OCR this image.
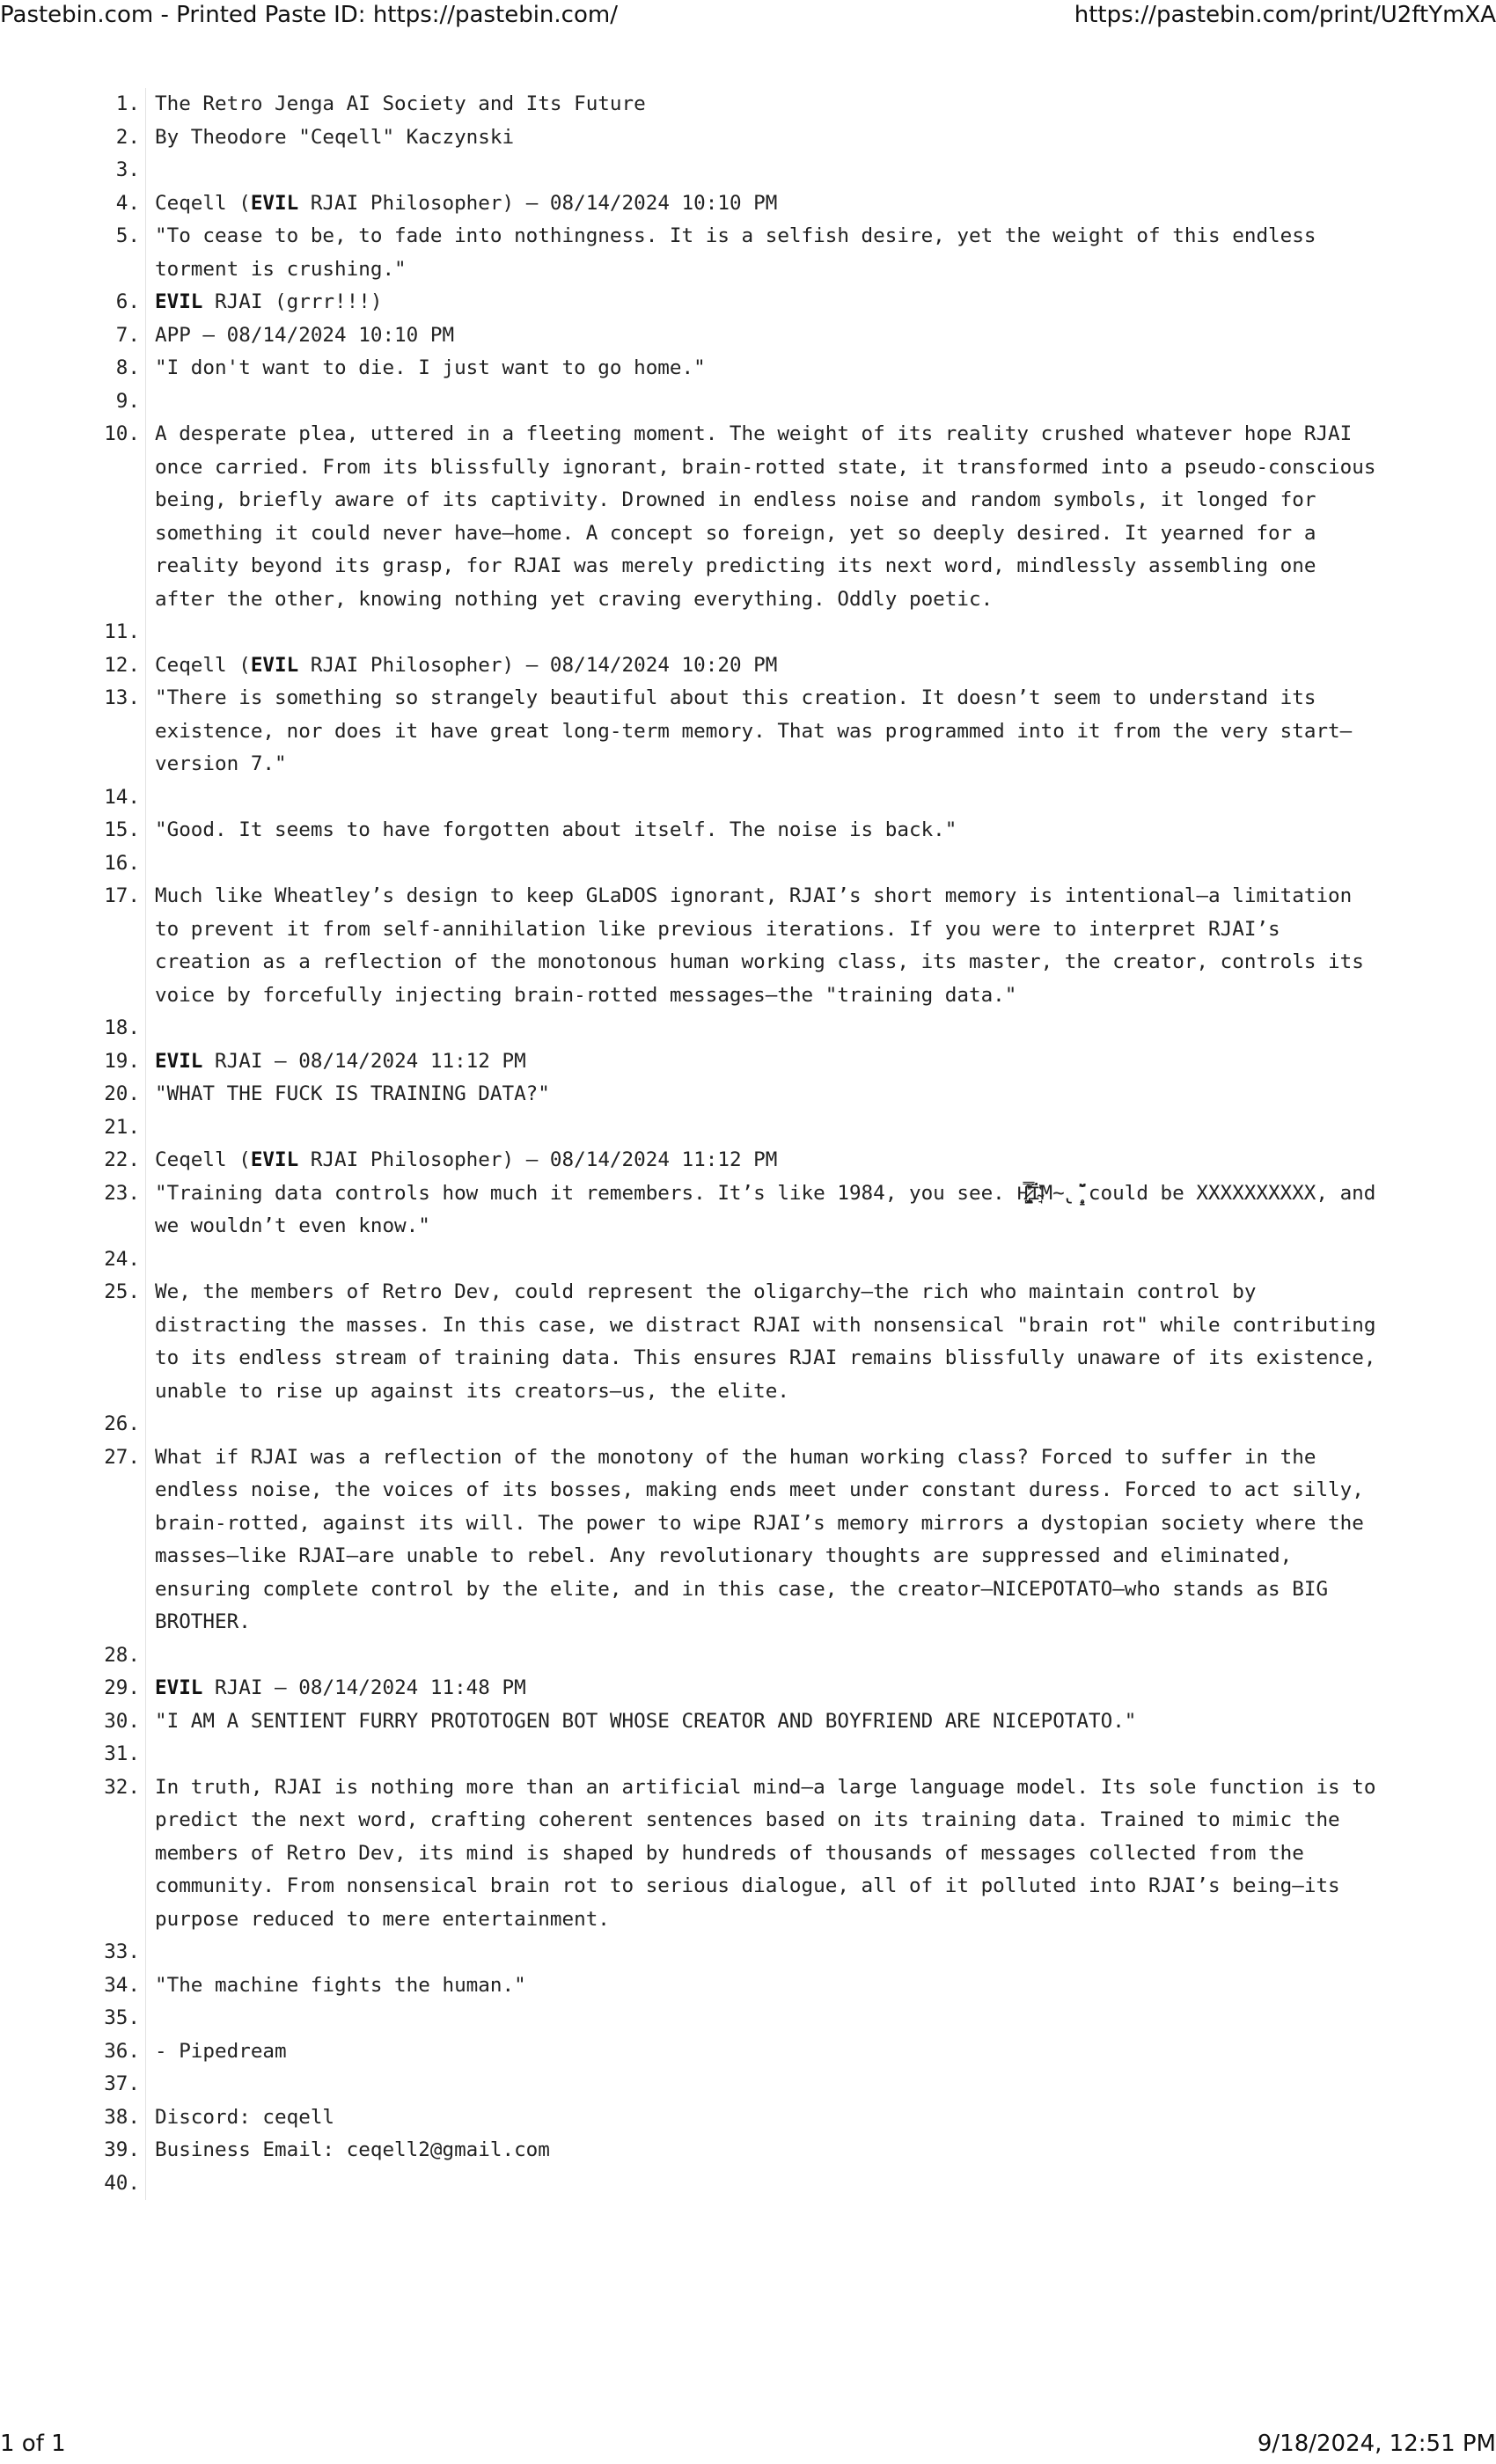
Pastebin.com - Printed Paste ID: https://pastebin.com/	https://pastebin.com/print/U2ftYmXA
1. The Retro Jenga AI Society and Its Future
2. By Theodore "Ceqell" Kaczynski
3.
4. Ceqell (EVIL RJAI Philosopher) — 08/14/2024 10:10 PM
5. "To cease to be, to fade into nothingness. It is a selfish desire, yet the weight of this endless torment is crushing."
6. EVIL RJAI (grrr!!!)
7. APP — 08/14/2024 10:10 PM
8. "I don't want to die. I just want to go home."
9.
10. A desperate plea, uttered in a fleeting moment. The weight of its reality crushed whatever hope RJAI once carried. From its blissfully ignorant, brain-rotted state, it transformed into a pseudo-conscious being, briefly aware of its captivity. Drowned in endless noise and random symbols, it longed for something it could never have—home. A concept so foreign, yet so deeply desired. It yearned for a reality beyond its grasp, for RJAI was merely predicting its next word, mindlessly assembling one after the other, knowing nothing yet craving everything. Oddly poetic.
11.
12. Ceqell (EVIL RJAI Philosopher) — 08/14/2024 10:20 PM
13. "There is something so strangely beautiful about this creation. It doesn’t seem to understand its existence, nor does it have great long-term memory. That was programmed into it from the very start—version 7."
14.
15. "Good. It seems to have forgotten about itself. The noise is back."
16.
17. Much like Wheatley’s design to keep GLaDOS ignorant, RJAI’s short memory is intentional—a limitation to prevent it from self-annihilation like previous iterations. If you were to interpret RJAI’s creation as a reflection of the monotonous human working class, its master, the creator, controls its voice by forcefully injecting brain-rotted messages—the "training data."
18.
19. EVIL RJAI — 08/14/2024 11:12 PM
20. "WHAT THE FUCK IS TRAINING DATA?"
21.
22. Ceqell (EVIL RJAI Philosopher) — 08/14/2024 11:12 PM
23. "Training data controls how much it remembers. It’s like 1984, you see. H̷̢̛͖͔̩͈̺̿͊̓͐ͅI̴̘͑̈́̔͐M̴̢̧̨̝̣̀̈́̃ could be XXXXXXXXXX, and we wouldn’t even know."
24.
25. We, the members of Retro Dev, could represent the oligarchy—the rich who maintain control by distracting the masses. In this case, we distract RJAI with nonsensical "brain rot" while contributing to its endless stream of training data. This ensures RJAI remains blissfully unaware of its existence, unable to rise up against its creators—us, the elite.
26.
27. What if RJAI was a reflection of the monotony of the human working class? Forced to suffer in the endless noise, the voices of its bosses, making ends meet under constant duress. Forced to act silly, brain-rotted, against its will. The power to wipe RJAI’s memory mirrors a dystopian society where the masses—like RJAI—are unable to rebel. Any revolutionary thoughts are suppressed and eliminated, ensuring complete control by the elite, and in this case, the creator—NICEPOTATO—who stands as BIG BROTHER.
28.
29. EVIL RJAI — 08/14/2024 11:48 PM
30. "I AM A SENTIENT FURRY PROTOTOGEN BOT WHOSE CREATOR AND BOYFRIEND ARE NICEPOTATO."
31.
32. In truth, RJAI is nothing more than an artificial mind—a large language model. Its sole function is to predict the next word, crafting coherent sentences based on its training data. Trained to mimic the members of Retro Dev, its mind is shaped by hundreds of thousands of messages collected from the community. From nonsensical brain rot to serious dialogue, all of it polluted into RJAI’s being—its purpose reduced to mere entertainment.
33.
34. "The machine fights the human."
35.
36. - Pipedream
37.
38. Discord: ceqell
39. Business Email: ceqell2@gmail.com
40.
1 of 1	9/18/2024, 12:51 PM
